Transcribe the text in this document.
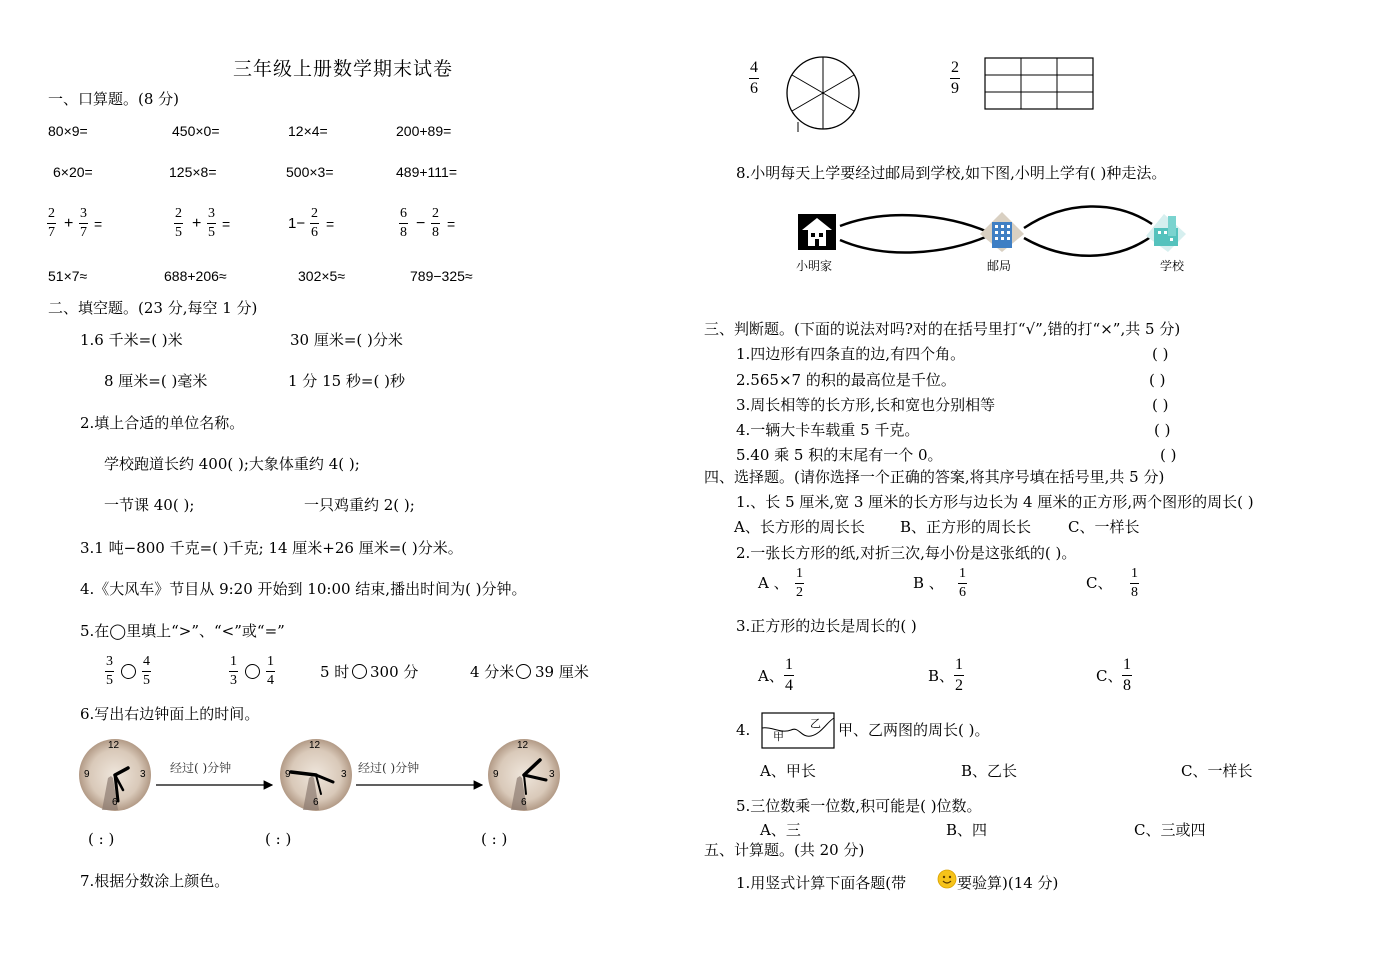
三年级上册数学期末试卷
一、口算题。(8 分)
80×9=	450×0=	12×4=	200+89=
6×20=	125×8=	500×3=	489+111=
$\frac{2}{7} + \frac{3}{7}$ =	$\frac{2}{5} + \frac{3}{5}$ =	$1- \frac{2}{6}$ =	$\frac{6}{8} - \frac{2}{8}$ =
51×7≈	688+206≈	302×5≈	789−325≈
二、填空题。(23 分,每空 1 分)
1.6 千米=( )米	30 厘米=( )分米
8 厘米=( )毫米	1 分 15 秒=( )秒
2.填上合适的单位名称。
学校跑道长约 400( );大象体重约 4( );
一节课 40( );	一只鸡重约 2( );
3.1 吨−800 千克=( )千克; 14 厘米+26 厘米=( )分米。
4.《大风车》节目从 9:20 开始到 10:00 结束,播出时间为( )分钟。
5.在◯里填上“>”、“<”或“=”
$\frac{3}{5} \frac{4}{5}$	$\frac{1}{3} \frac{1}{4}$	5 时 300 分	4 分米 39 厘米
6.写出右边钟面上的时间。
12
3
6
9
12
3
6
9
12
3
6
9
经过( )分钟	经过( )分钟
( : )	( : )	( : )
7.根据分数涂上颜色。
$\frac{4}{6}$	$\frac{2}{9}$
8.小明每天上学要经过邮局到学校,如下图,小明上学有( )种走法。
小明家	邮局	学校
三、判断题。(下面的说法对吗?对的在括号里打“√”,错的打“×”,共 5 分)
1.四边形有四条直的边,有四个角。	( )
2.565×7 的积的最高位是千位。	( )
3.周长相等的长方形,长和宽也分别相等	( )
4.一辆大卡车载重 5 千克。	( )
5.40 乘 5 积的末尾有一个 0。	( )
四、选择题。(请你选择一个正确的答案,将其序号填在括号里,共 5 分)
1.、长 5 厘米,宽 3 厘米的长方形与边长为 4 厘米的正方形,两个图形的周长( )
A、长方形的周长长 B、正方形的周长长 C、一样长
2.一张长方形的纸,对折三次,每小份是这张纸的( )。
A 、 $\frac{1}{2}$	B 、 $\frac{1}{6}$	C、 $\frac{1}{8}$
3.正方形的边长是周长的( )
A、 $\frac{1}{4}$	B、 $\frac{1}{2}$	C、 $\frac{1}{8}$
4. 甲
乙 甲、乙两图的周长( )。
A、甲长	B、乙长	C、一样长
5.三位数乘一位数,积可能是( )位数。
A、三	B、四	C、三或四
五、计算题。(共 20 分)
1.用竖式计算下面各题(带	要验算)(14 分)
